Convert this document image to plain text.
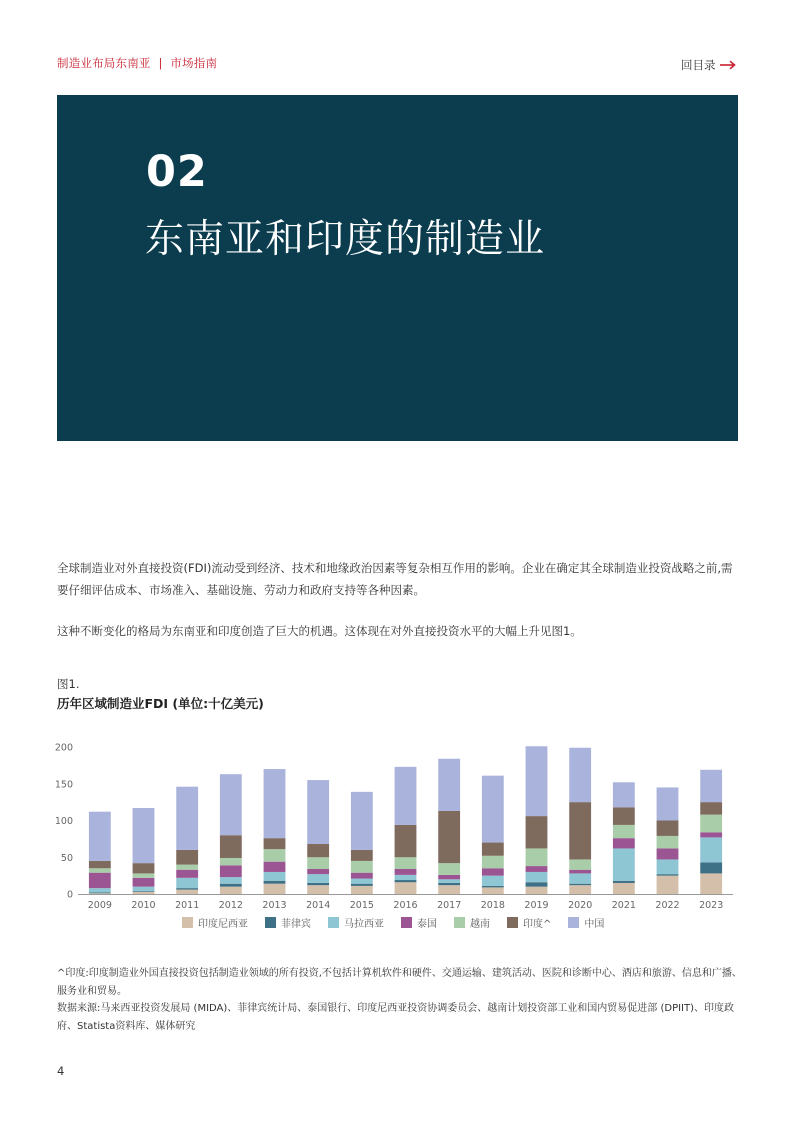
制造业布局东南亚 | 市场指南	回目录
02
东南亚和印度的制造业
全球制造业对外直接投资(FDI)流动受到经济、技术和地缘政治因素等复杂相互作用的影响。企业在确定其全球制造业投资战略之前,需要仔细评估成本、市场准入、基础设施、劳动力和政府支持等各种因素。
这种不断变化的格局为东南亚和印度创造了巨大的机遇。这体现在对外直接投资水平的大幅上升见图1。
图1.
历年区域制造业FDI (单位:十亿美元)
0
50
100
150
200
2009 2010 2011 2012 2013 2014 2015 2016 2017 2018 2019 2020 2021 2022 2023
印度尼西亚	菲律宾	马拉西亚	泰国	越南	印度^	中国
^印度:印度制造业外国直接投资包括制造业领域的所有投资,不包括计算机软件和硬件、交通运输、建筑活动、医院和诊断中心、酒店和旅游、信息和广播、服务业和贸易。
数据来源:马来西亚投资发展局 (MIDA)、菲律宾统计局、泰国银行、印度尼西亚投资协调委员会、越南计划投资部工业和国内贸易促进部 (DPIIT)、印度政府、Statista资料库、媒体研究
4
